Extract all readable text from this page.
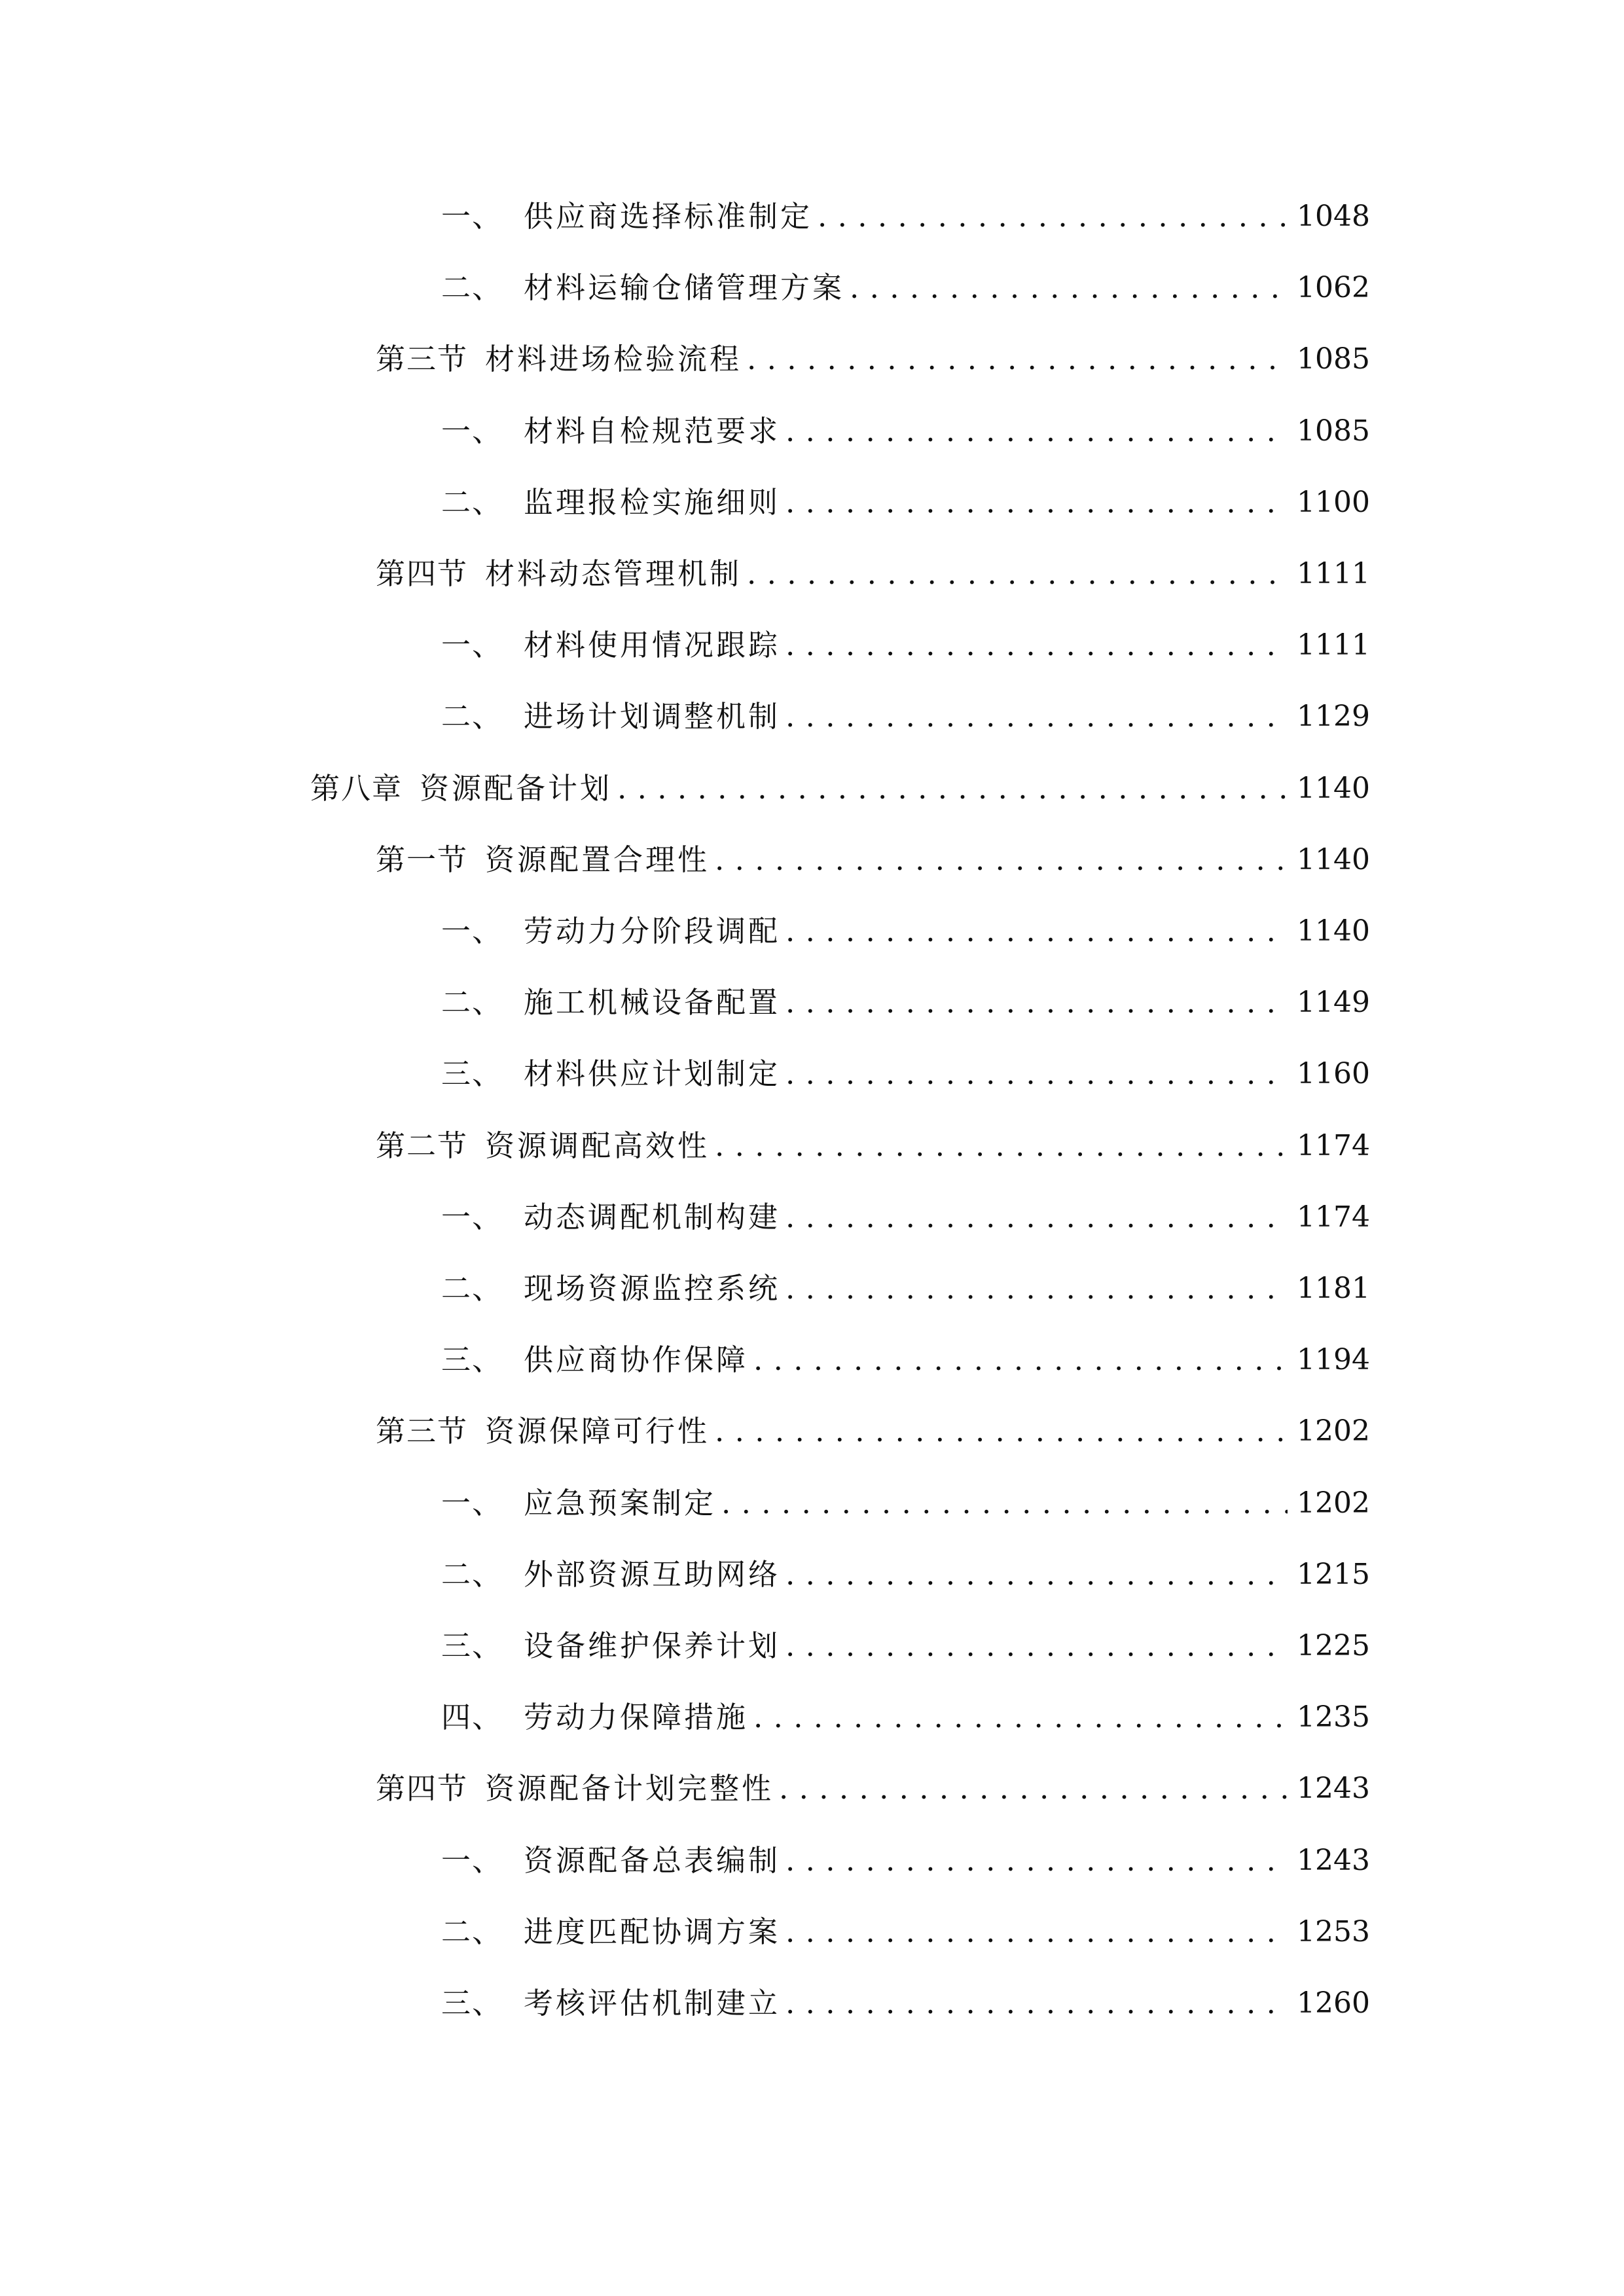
一、 供应商选择标准制定 . . .	1048
二、 材料运输仓储管理方案 . . .	1062
第三节 材料进场检验流程 . . .	1085
一、 材料自检规范要求 . . .	1085
二、 监理报检实施细则 . . .	1100
第四节 材料动态管理机制 . . .	1111
一、 材料使用情况跟踪 . . .	1111
二、 进场计划调整机制 . . .	1129
第八章 资源配备计划 . . .	1140
第一节 资源配置合理性 . . .	1140
一、 劳动力分阶段调配 . . .	1140
二、 施工机械设备配置 . . .	1149
三、 材料供应计划制定 . . .	1160
第二节 资源调配高效性 . . .	1174
一、 动态调配机制构建 . . .	1174
二、 现场资源监控系统 . . .	1181
三、 供应商协作保障 . . .	1194
第三节 资源保障可行性 . . .	1202
一、 应急预案制定 . . .	1202
二、 外部资源互助网络 . . .	1215
三、 设备维护保养计划 . . .	1225
四、 劳动力保障措施 . . .	1235
第四节 资源配备计划完整性 . . .	1243
一、 资源配备总表编制 . . .	1243
二、 进度匹配协调方案 . . .	1253
三、 考核评估机制建立 . . .	1260
